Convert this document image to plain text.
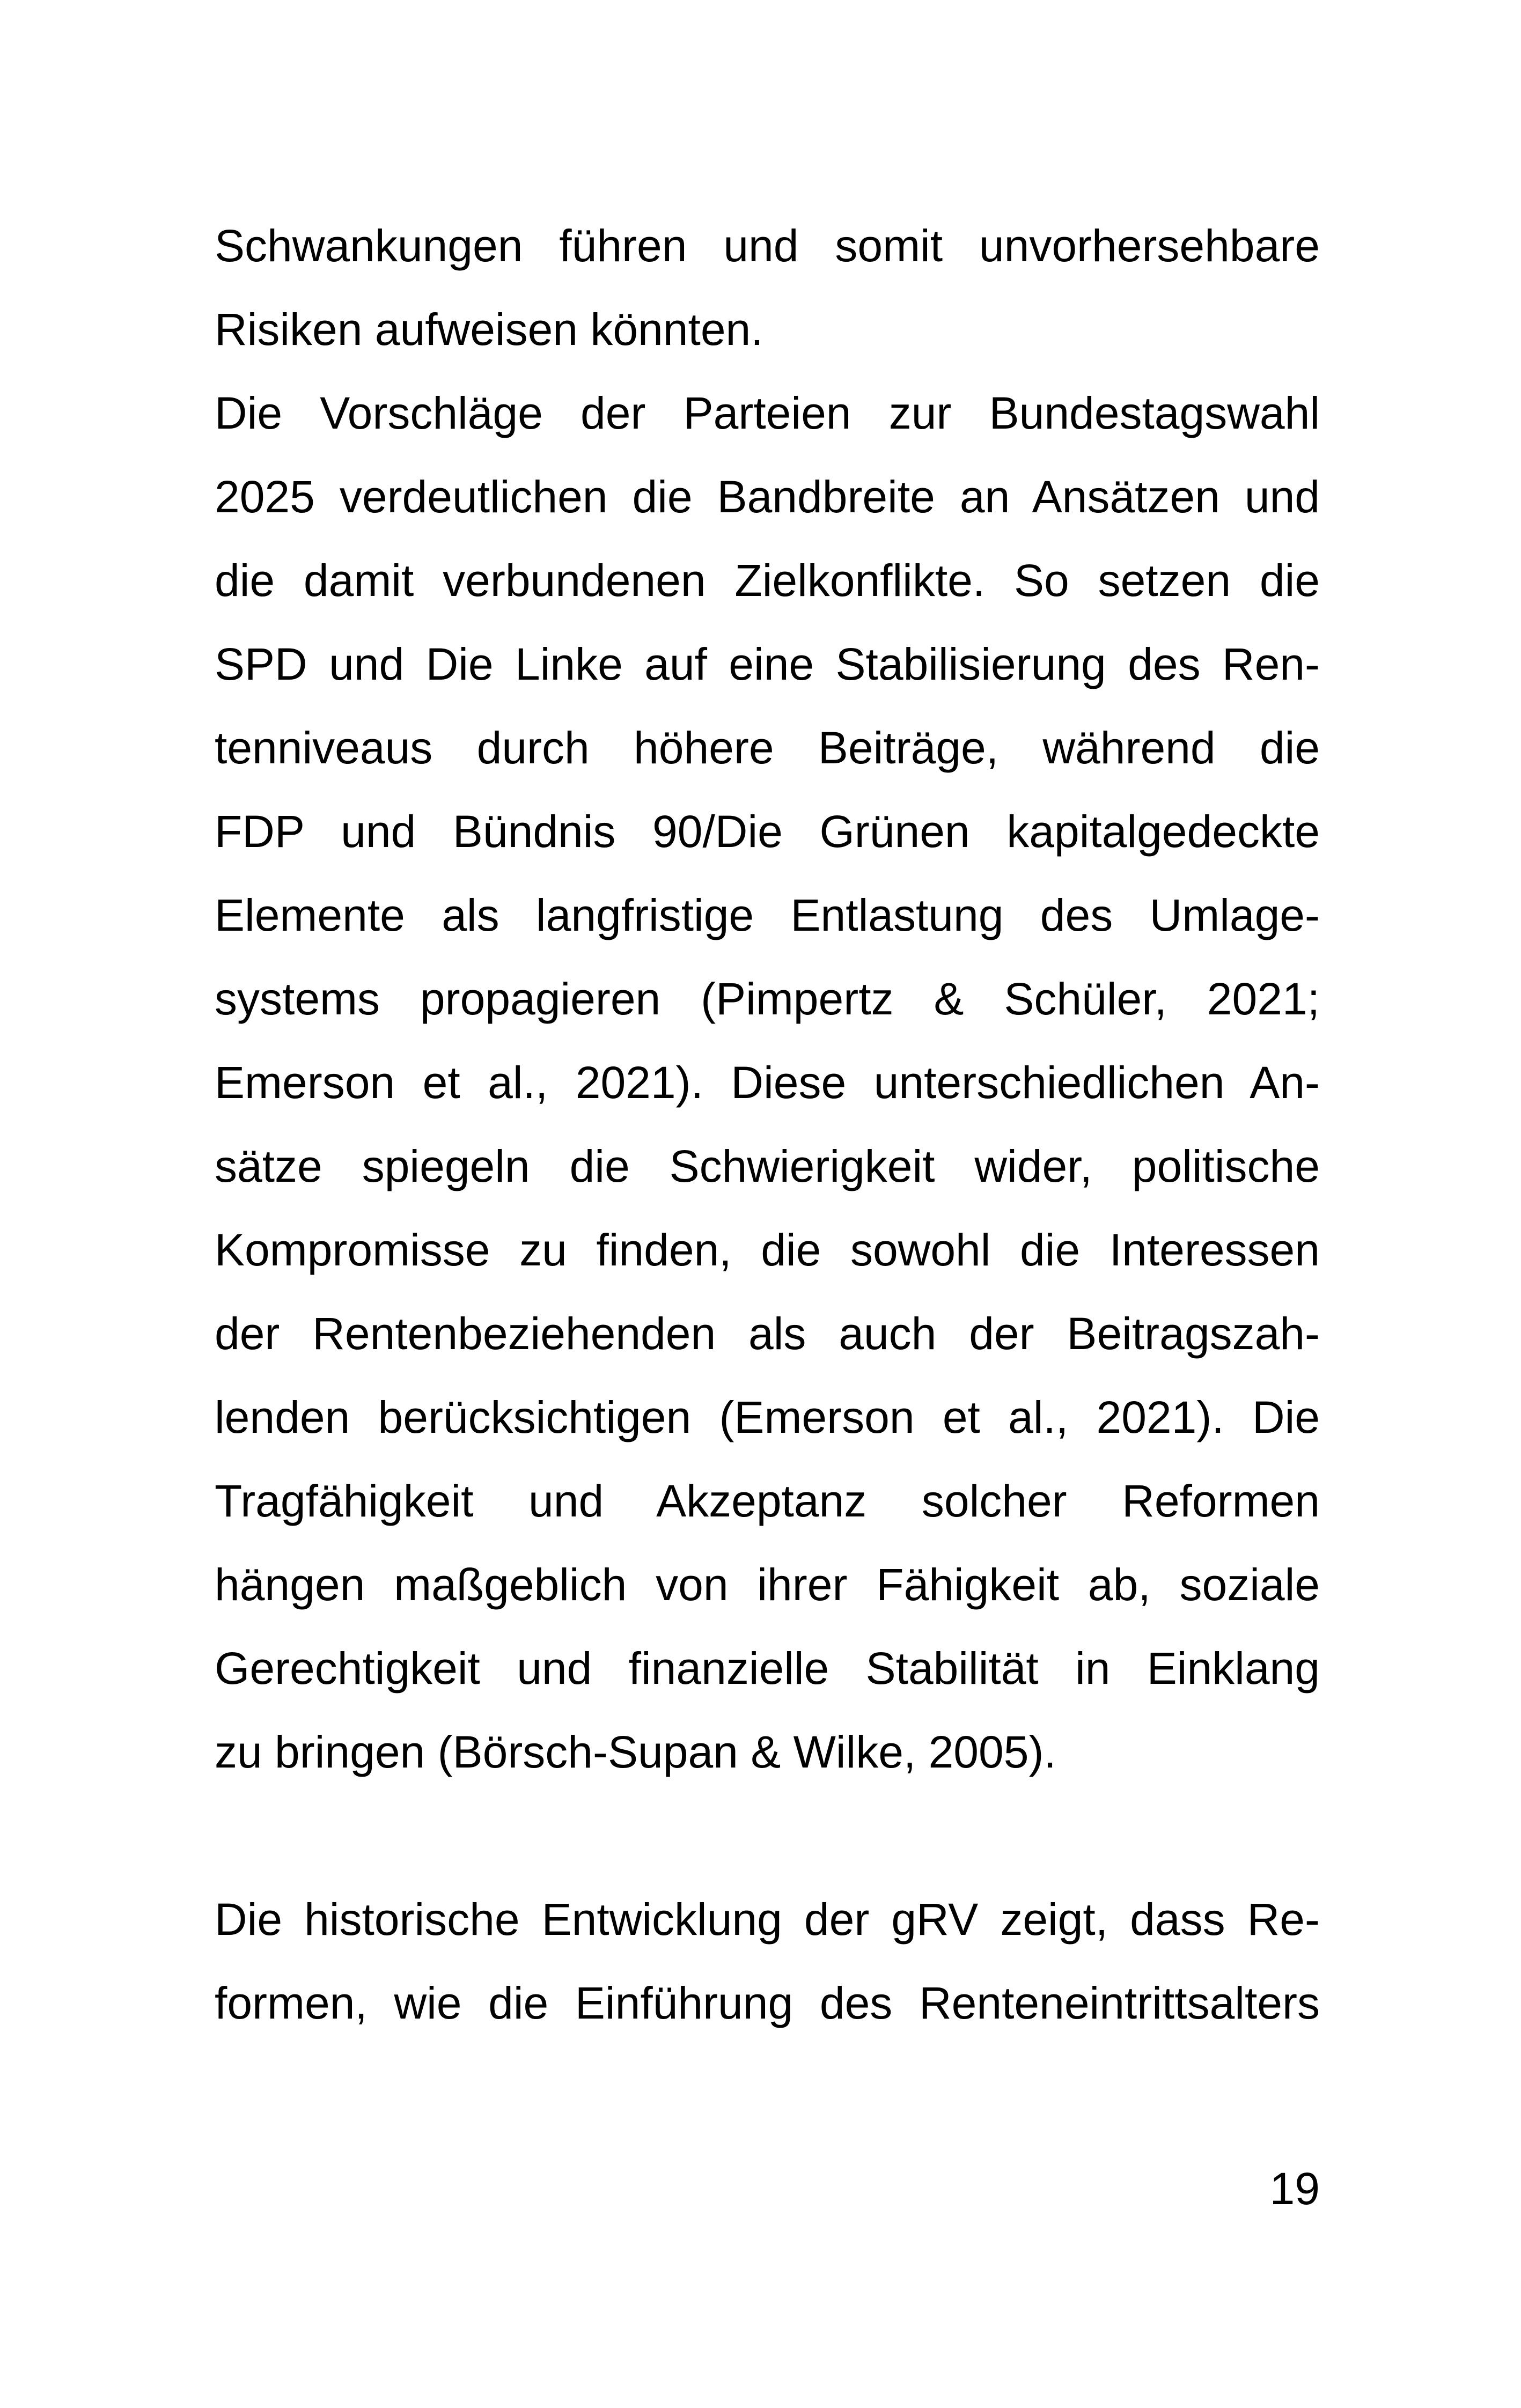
Schwankungen führen und somit unvorhersehbare
Risiken aufweisen könnten.
Die Vorschläge der Parteien zur Bundestagswahl
2025 verdeutlichen die Bandbreite an Ansätzen und
die damit verbundenen Zielkonflikte. So setzen die
SPD und Die Linke auf eine Stabilisierung des Ren-
tenniveaus durch höhere Beiträge, während die
FDP und Bündnis 90/Die Grünen kapitalgedeckte
Elemente als langfristige Entlastung des Umlage-
systems propagieren (Pimpertz & Schüler, 2021;
Emerson et al., 2021). Diese unterschiedlichen An-
sätze spiegeln die Schwierigkeit wider, politische
Kompromisse zu finden, die sowohl die Interessen
der Rentenbeziehenden als auch der Beitragszah-
lenden berücksichtigen (Emerson et al., 2021). Die
Tragfähigkeit und Akzeptanz solcher Reformen
hängen maßgeblich von ihrer Fähigkeit ab, soziale
Gerechtigkeit und finanzielle Stabilität in Einklang
zu bringen (Börsch-Supan & Wilke, 2005).
Die historische Entwicklung der gRV zeigt, dass Re-
formen, wie die Einführung des Renteneintrittsalters
19
